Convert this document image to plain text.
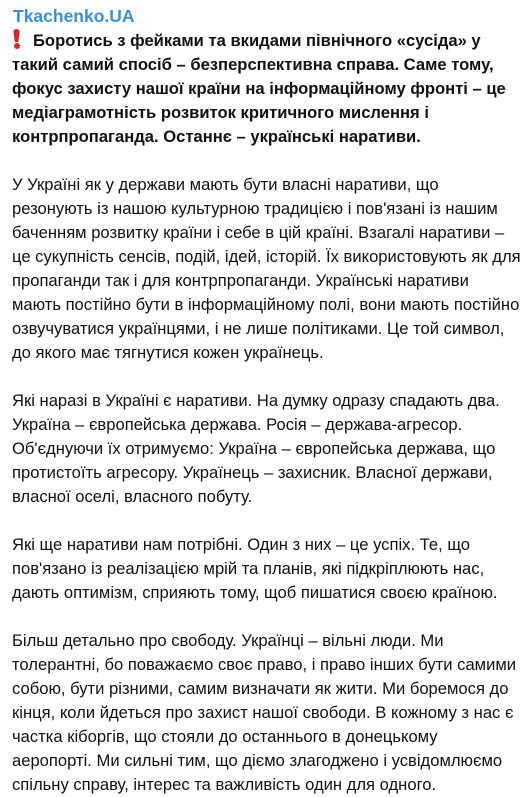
Tkachenko.UA

Боротись з фейками та вкидами північного «сусіда» у такий самий спосіб – безперспективна справа. Саме тому, фокус захисту нашої країни на інформаційному фронті – це медіаграмотність розвиток критичного мислення і контрпропаганда. Останнє – українські наративи.

У Україні як у держави мають бути власні наративи, що резонують із нашою культурною традицією і пов'язані із нашим баченням розвитку країни і себе в цій країні. Взагалі наративи – це сукупність сенсів, подій, ідей, історій. Їх використовують як для пропаганди так і для контрпропаганди. Українські наративи мають постійно бути в інформаційному полі, вони мають постійно озвучуватися українцями, і не лише політиками. Це той символ, до якого має тягнутися кожен українець.

Які наразі в Україні є наративи. На думку одразу спадають два. Україна – європейська держава. Росія – держава-агресор. Об'єднуючи їх отримуємо: Україна – європейська держава, що протистоїть агресору. Українець – захисник. Власної держави, власної оселі, власного побуту.

Які ще наративи нам потрібні. Один з них – це успіх. Те, що пов'язано із реалізацією мрій та планів, які підкріплюють нас, дають оптимізм, сприяють тому, щоб пишатися своєю країною.

Більш детально про свободу. Українці – вільні люди. Ми толерантні, бо поважаємо своє право, і право інших бути самими собою, бути різними, самим визначати як жити. Ми боремося до кінця, коли йдеться про захист нашої свободи. В кожному з нас є частка кіборгів, що стояли до останнього в донецькому аеропорті. Ми сильні тим, що діємо злагоджено і усвідомлюємо спільну справу, інтерес та важливість один для одного.
